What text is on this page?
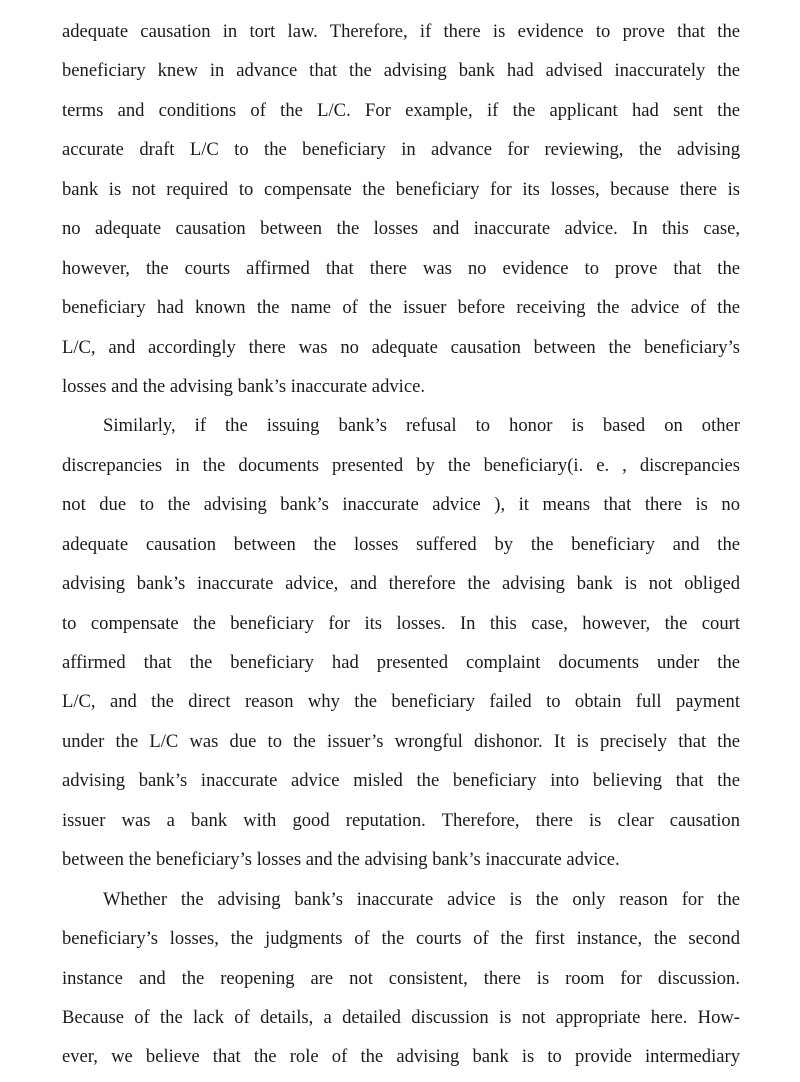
adequate causation in tort law. Therefore, if there is evidence to prove that the
beneficiary knew in advance that the advising bank had advised inaccurately the
terms and conditions of the L/C. For example, if the applicant had sent the
accurate draft L/C to the beneficiary in advance for reviewing, the advising
bank is not required to compensate the beneficiary for its losses, because there is
no adequate causation between the losses and inaccurate advice. In this case,
however, the courts affirmed that there was no evidence to prove that the
beneficiary had known the name of the issuer before receiving the advice of the
L/C, and accordingly there was no adequate causation between the beneficiary’s
losses and the advising bank’s inaccurate advice.
Similarly, if the issuing bank’s refusal to honor is based on other
discrepancies in the documents presented by the beneficiary(i. e. , discrepancies
not due to the advising bank’s inaccurate advice ), it means that there is no
adequate causation between the losses suffered by the beneficiary and the
advising bank’s inaccurate advice, and therefore the advising bank is not obliged
to compensate the beneficiary for its losses. In this case, however, the court
affirmed that the beneficiary had presented complaint documents under the
L/C, and the direct reason why the beneficiary failed to obtain full payment
under the L/C was due to the issuer’s wrongful dishonor. It is precisely that the
advising bank’s inaccurate advice misled the beneficiary into believing that the
issuer was a bank with good reputation. Therefore, there is clear causation
between the beneficiary’s losses and the advising bank’s inaccurate advice.
Whether the advising bank’s inaccurate advice is the only reason for the
beneficiary’s losses, the judgments of the courts of the first instance, the second
instance and the reopening are not consistent, there is room for discussion.
Because of the lack of details, a detailed discussion is not appropriate here. How-
ever, we believe that the role of the advising bank is to provide intermediary
